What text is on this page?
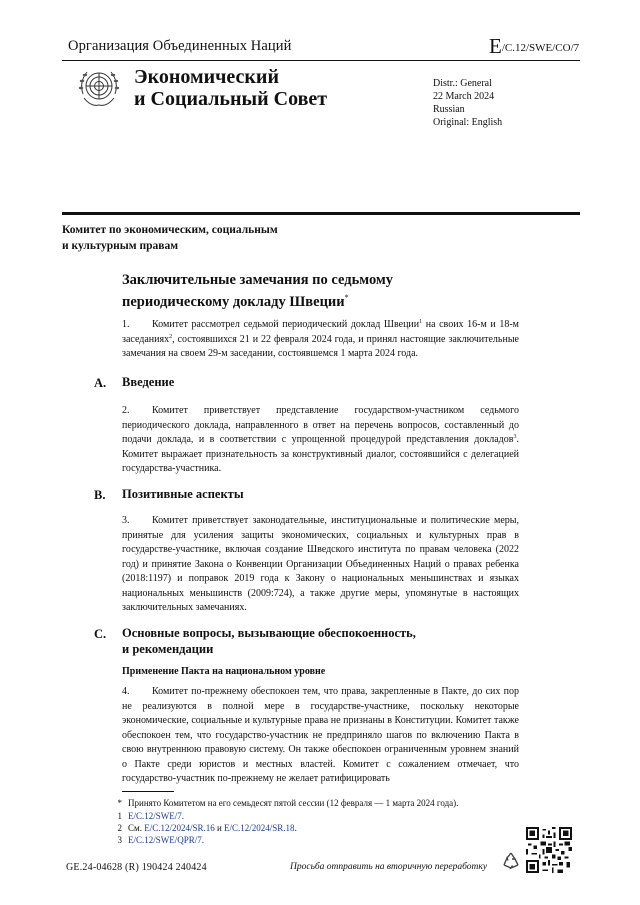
Организация Объединенных Наций	E/C.12/SWE/CO/7
Экономический
и Социальный Совет
Distr.: General
22 March 2024
Russian
Original: English
Комитет по экономическим, социальным
и культурным правам
Заключительные замечания по седьмому
периодическому докладу Швеции*
1. Комитет рассмотрел седьмой периодический доклад Швеции$^1$ на своих 16-м и 18-м заседаниях$^2$, состоявшихся 21 и 22 февраля 2024 года, и принял настоящие заключительные замечания на своем 29-м заседании, состоявшемся 1 марта 2024 года.
A. Введение
2. Комитет приветствует представление государством-участником седьмого периодического доклада, направленного в ответ на перечень вопросов, составленный до подачи доклада, и в соответствии с упрощенной процедурой представления докладов$^3$. Комитет выражает признательность за конструктивный диалог, состоявшийся с делегацией государства-участника.
B. Позитивные аспекты
3. Комитет приветствует законодательные, институциональные и политические меры, принятые для усиления защиты экономических, социальных и культурных прав в государстве-участнике, включая создание Шведского института по правам человека (2022 год) и принятие Закона о Конвенции Организации Объединенных Наций о правах ребенка (2018:1197) и поправок 2019 года к Закону о национальных меньшинствах и языках национальных меньшинств (2009:724), а также другие меры, упомянутые в настоящих заключительных замечаниях.
C. Основные вопросы, вызывающие обеспокоенность,
и рекомендации
Применение Пакта на национальном уровне
4. Комитет по-прежнему обеспокоен тем, что права, закрепленные в Пакте, до сих пор не реализуются в полной мере в государстве-участнике, поскольку некоторые экономические, социальные и культурные права не признаны в Конституции. Комитет также обеспокоен тем, что государство-участник не предприняло шагов по включению Пакта в свою внутреннюю правовую систему. Он также обеспокоен ограниченным уровнем знаний о Пакте среди юристов и местных властей. Комитет с сожалением отмечает, что государство-участник по-прежнему не желает ратифицировать
* Принято Комитетом на его семьдесят пятой сессии (12 февраля — 1 марта 2024 года).
1 E/C.12/SWE/7.
2 См. E/C.12/2024/SR.16 и E/C.12/2024/SR.18.
3 E/C.12/SWE/QPR/7.
GE.24-04628 (R) 190424 240424	Просьба отправить на вторичную переработку
